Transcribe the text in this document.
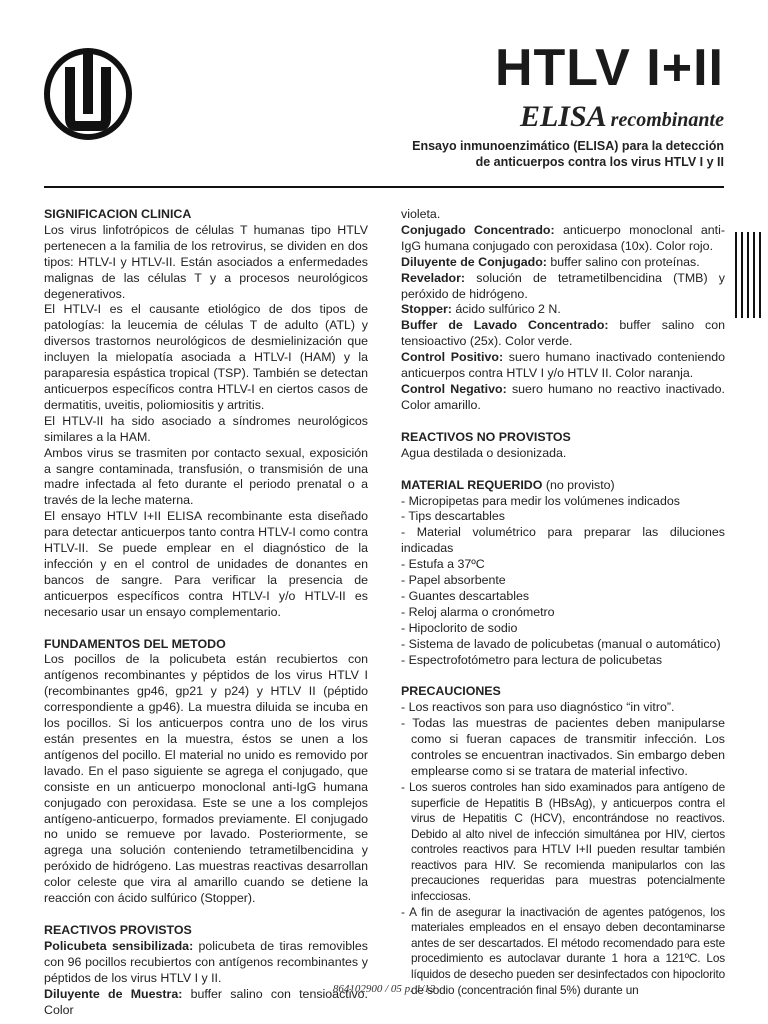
HTLV I+II
ELISA recombinante
Ensayo inmunoenzimático (ELISA) para la detección
de anticuerpos contra los virus HTLV I y II
SIGNIFICACION CLINICA

Los virus linfotrópicos de células T humanas tipo HTLV pertenecen a la familia de los retrovirus, se dividen en dos tipos: HTLV-I y HTLV-II. Están asociados a enfermedades malignas de las células T y a procesos neurológicos degenerativos.

El HTLV-I es el causante etiológico de dos tipos de patologías: la leucemia de células T de adulto (ATL) y diversos trastornos neurológicos de desmielinización que incluyen la mielopatía asociada a HTLV-I (HAM) y la paraparesia espástica tropical (TSP). También se detectan anticuerpos específicos contra HTLV-I en ciertos casos de dermatitis, uveitis, poliomiositis y artritis.

El HTLV-II ha sido asociado a síndromes neurológicos similares a la HAM.

Ambos virus se trasmiten por contacto sexual, exposición a sangre contaminada, transfusión, o transmisión de una madre infectada al feto durante el periodo prenatal o a través de la leche materna.

El ensayo HTLV I+II ELISA recombinante esta diseñado para detectar anticuerpos tanto contra HTLV-I como contra HTLV-II. Se puede emplear en el diagnóstico de la infección y en el control de unidades de donantes en bancos de sangre. Para verificar la presencia de anticuerpos específicos contra HTLV-I y/o HTLV-II es necesario usar un ensayo complementario.

FUNDAMENTOS DEL METODO

Los pocillos de la policubeta están recubiertos con antígenos recombinantes y péptidos de los virus HTLV I (recombinantes gp46, gp21 y p24) y HTLV II (péptido correspondiente a gp46). La muestra diluida se incuba en los pocillos. Si los anticuerpos contra uno de los virus están presentes en la muestra, éstos se unen a los antígenos del pocillo. El material no unido es removido por lavado. En el paso siguiente se agrega el conjugado, que consiste en un anticuerpo monoclonal anti-IgG humana conjugado con peroxidasa. Este se une a los complejos antígeno-anticuerpo, formados previamente. El conjugado no unido se remueve por lavado. Posteriormente, se agrega una solución conteniendo tetrametilbencidina y peróxido de hidrógeno. Las muestras reactivas desarrollan color celeste que vira al amarillo cuando se detiene la reacción con ácido sulfúrico (Stopper).

REACTIVOS PROVISTOS

Policubeta sensibilizada: policubeta de tiras removibles con 96 pocillos recubiertos con antígenos recombinantes y péptidos de los virus HTLV I y II.

Diluyente de Muestra: buffer salino con tensioactivo. Color

violeta.

Conjugado Concentrado: anticuerpo monoclonal anti-IgG humana conjugado con peroxidasa (10x). Color rojo.

Diluyente de Conjugado: buffer salino con proteínas.

Revelador: solución de tetrametilbencidina (TMB) y peróxido de hidrógeno.

Stopper: ácido sulfúrico 2 N.

Buffer de Lavado Concentrado: buffer salino con tensioactivo (25x). Color verde.

Control Positivo: suero humano inactivado conteniendo anticuerpos contra HTLV I y/o HTLV II. Color naranja.

Control Negativo: suero humano no reactivo inactivado. Color amarillo.

REACTIVOS NO PROVISTOS

Agua destilada o desionizada.

MATERIAL REQUERIDO (no provisto)
- Micropipetas para medir los volúmenes indicados
- Tips descartables
- Material volumétrico para preparar las diluciones indicadas
- Estufa a 37ºC
- Papel absorbente
- Guantes descartables
- Reloj alarma o cronómetro
- Hipoclorito de sodio
- Sistema de lavado de policubetas (manual o automático)
- Espectrofotómetro para lectura de policubetas
PRECAUCIONES
- Los reactivos son para uso diagnóstico “in vitro”.
- Todas las muestras de pacientes deben manipularse como si fueran capaces de transmitir infección. Los controles se encuentran inactivados. Sin embargo deben emplearse como si se tratara de material infectivo.
- Los sueros controles han sido examinados para antígeno de superficie de Hepatitis B (HBsAg), y anticuerpos contra el virus de Hepatitis C (HCV), encontrándose no reactivos. Debido al alto nivel de infección simultánea por HIV, ciertos controles reactivos para HTLV I+II pueden resultar también reactivos para HIV. Se recomienda manipularlos con las precauciones requeridas para muestras potencialmente infecciosas.
- A fin de asegurar la inactivación de agentes patógenos, los materiales empleados en el ensayo deben decontaminarse antes de ser descartados. El método recomendado para este procedimiento es autoclavar durante 1 hora a 121ºC. Los líquidos de desecho pueden ser desinfectados con hipoclorito de sodio (concentración final 5%) durante un
864102900 / 05 p. 1/12
